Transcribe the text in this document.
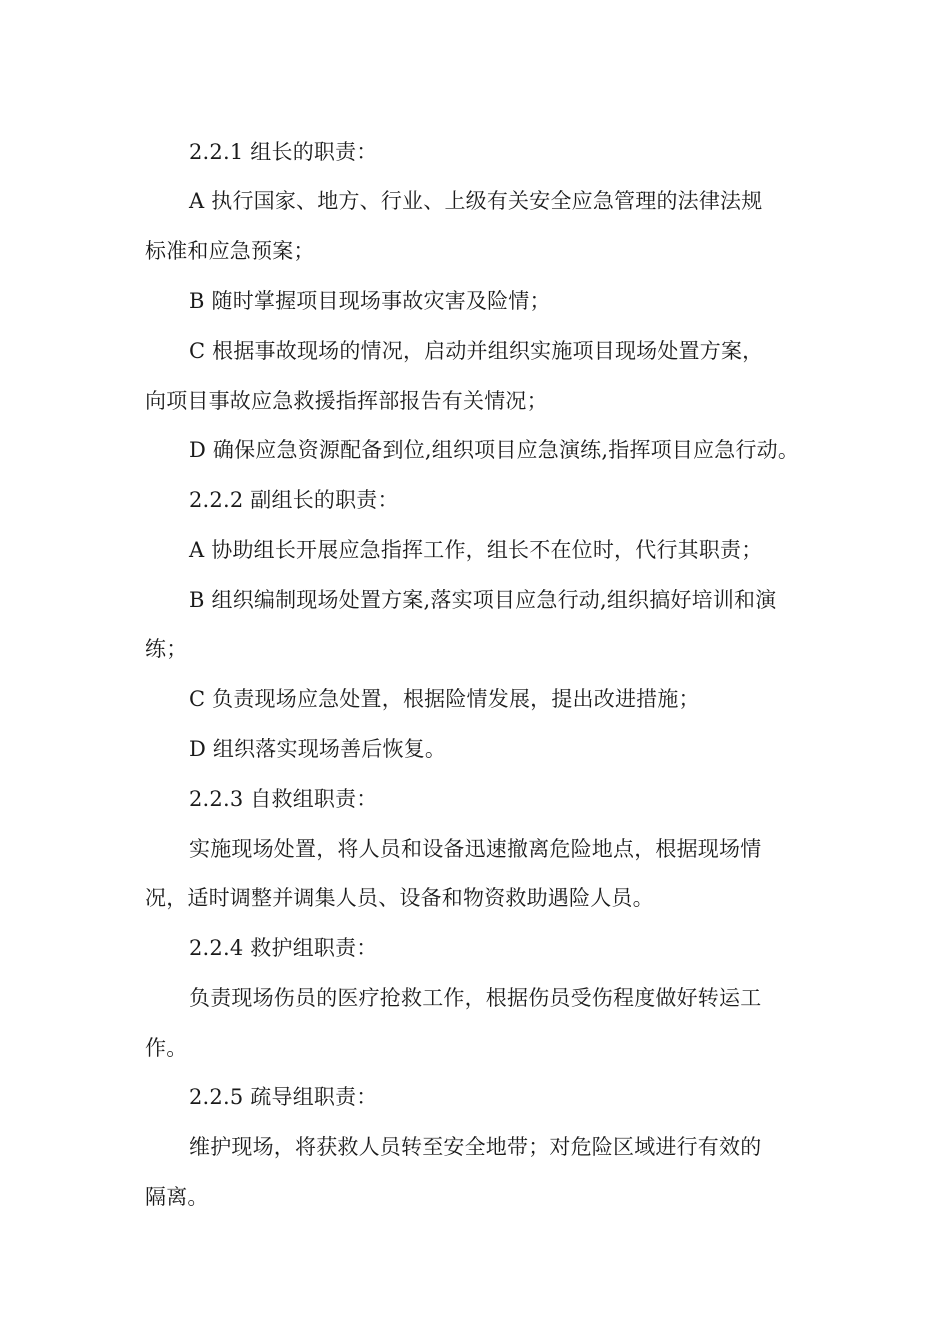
2.2.1 组长的职责：
A 执行国家、地方、行业、上级有关安全应急管理的法律法规
标准和应急预案；
B 随时掌握项目现场事故灾害及险情；
C 根据事故现场的情况，启动并组织实施项目现场处置方案，
向项目事故应急救援指挥部报告有关情况；
D 确保应急资源配备到位,组织项目应急演练,指挥项目应急行动。
2.2.2 副组长的职责：
A 协助组长开展应急指挥工作，组长不在位时，代行其职责；
B 组织编制现场处置方案,落实项目应急行动,组织搞好培训和演
练；
C 负责现场应急处置，根据险情发展，提出改进措施；
D 组织落实现场善后恢复。
2.2.3 自救组职责：
实施现场处置，将人员和设备迅速撤离危险地点，根据现场情
况，适时调整并调集人员、设备和物资救助遇险人员。
2.2.4 救护组职责：
负责现场伤员的医疗抢救工作，根据伤员受伤程度做好转运工
作。
2.2.5 疏导组职责：
维护现场，将获救人员转至安全地带；对危险区域进行有效的
隔离。
